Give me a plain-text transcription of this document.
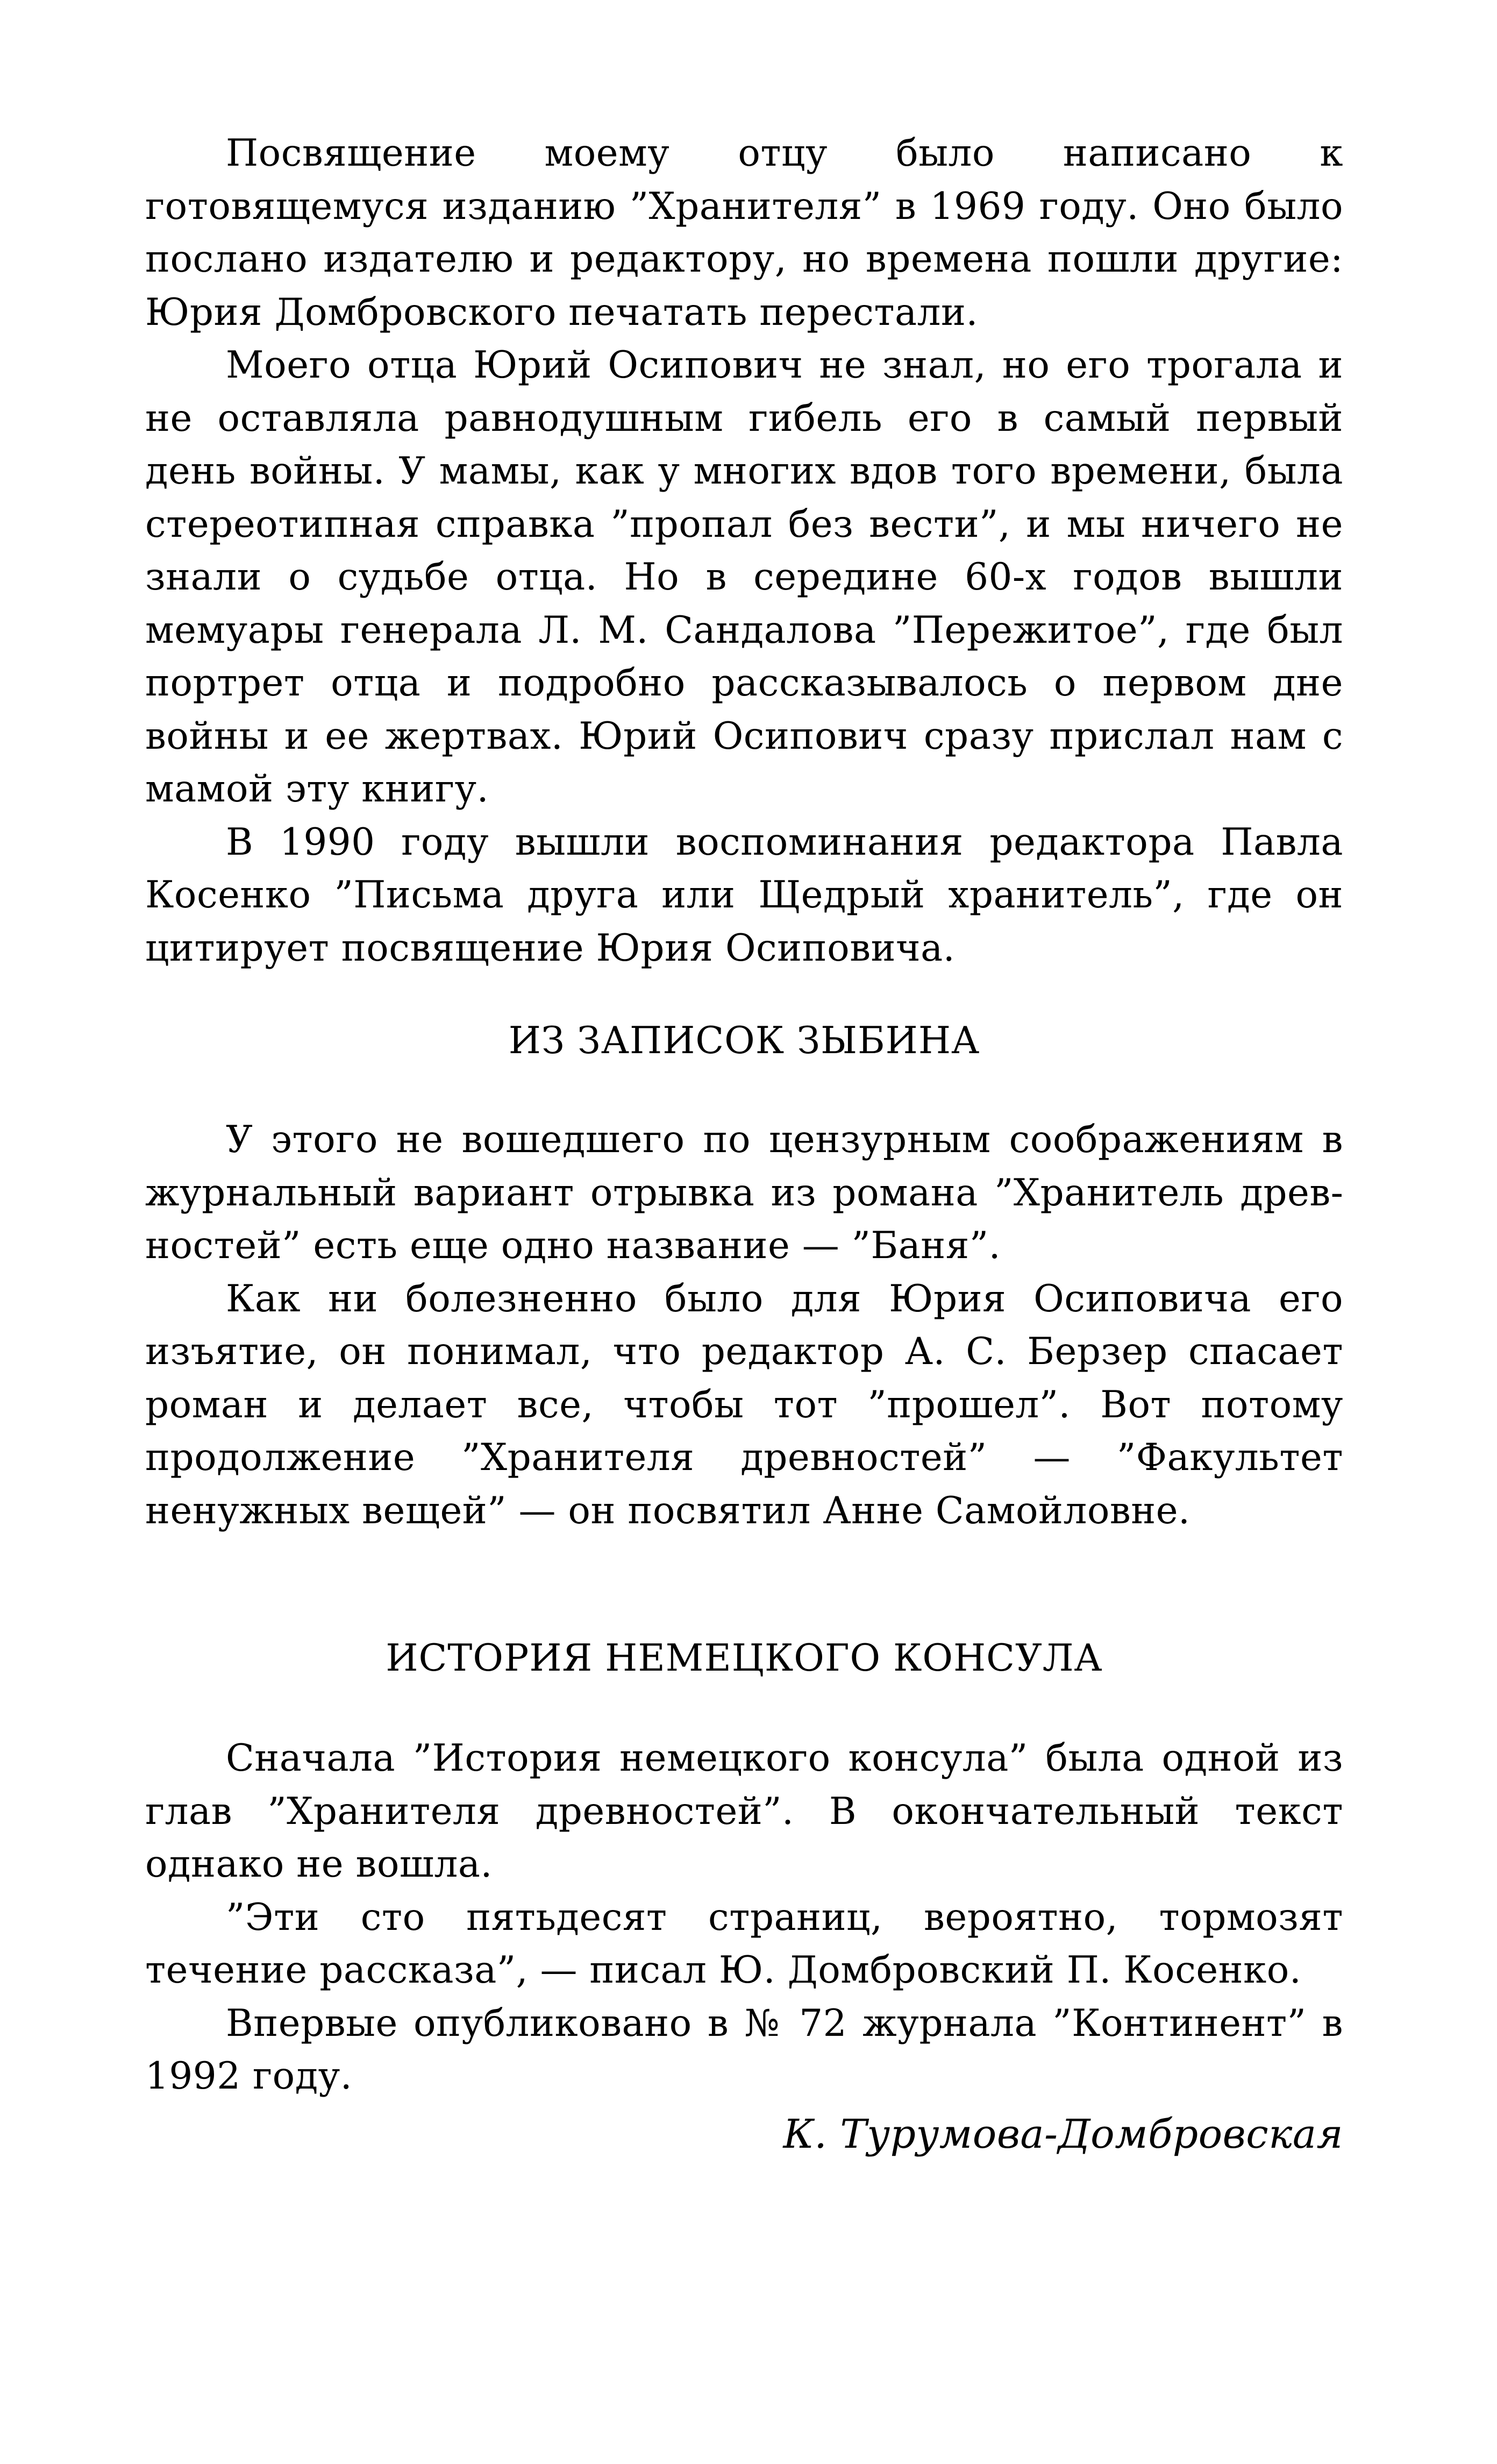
Посвящение моему отцу было написано к готовящемуся изданию ”Хранителя” в 1969 году. Оно было послано издателю и редактору, но времена пошли другие: Юрия Домбровского печатать перестали.

Моего отца Юрий Осипович не знал, но его трогала и не оставляла равнодушным гибель его в самый первый день войны. У мамы, как у многих вдов того времени, была стереотипная справка ”пропал без вести”, и мы ничего не знали о судьбе отца. Но в середине 60-х годов вышли мемуары генерала Л. М. Сандалова ”Пережитое”, где был портрет отца и подробно рассказывалось о первом дне войны и ее жертвах. Юрий Осипович сразу прислал нам с мамой эту книгу.

В 1990 году вышли воспоминания редактора Павла Косенко ”Письма друга или Щедрый хранитель”, где он цитирует посвящение Юрия Осиповича.

ИЗ ЗАПИСОК ЗЫБИНА

У этого не вошедшего по цензурным соображениям в журнальный вариант отрывка из романа ”Хранитель древностей” есть еще одно название — ”Баня”.

Как ни болезненно было для Юрия Осиповича его изъятие, он понимал, что редактор А. С. Берзер спасает роман и делает все, чтобы тот ”прошел”. Вот потому продолжение ”Хранителя древностей” — ”Факультет ненужных вещей” — он посвятил Анне Самойловне.

ИСТОРИЯ НЕМЕЦКОГО КОНСУЛА

Сначала ”История немецкого консула” была одной из глав ”Хранителя древностей”. В окончательный текст однако не вошла.

”Эти сто пятьдесят страниц, вероятно, тормозят течение рассказа”, — писал Ю. Домбровский П. Косенко.

Впервые опубликовано в № 72 журнала ”Континент” в 1992 году.

К. Турумова-Домбровская
